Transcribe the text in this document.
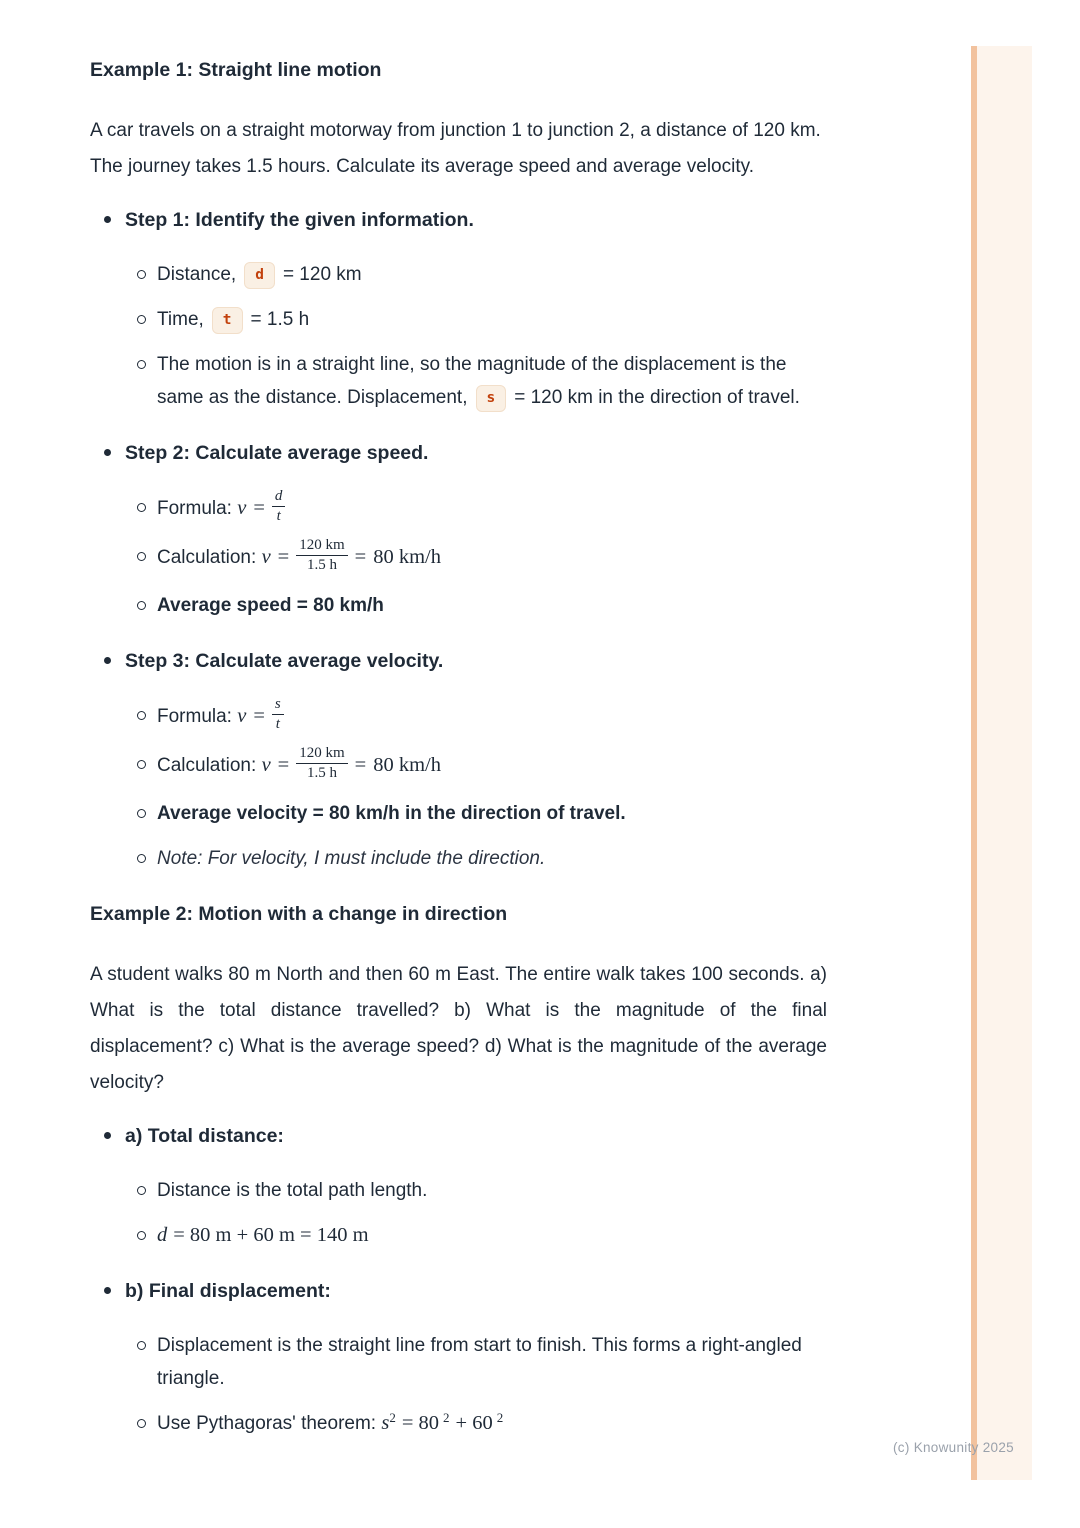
(c) Knowunity 2025
Example 1: Straight line motion

A car travels on a straight motorway from junction 1 to junction 2, a distance of 120 km. The journey takes 1.5 hours. Calculate its average speed and average velocity.

Step 1: Identify the given information.
Distance, d = 120 km
Time, t = 1.5 h
The motion is in a straight line, so the magnitude of the displacement is the same as the distance. Displacement, s = 120 km in the direction of travel.
Step 2: Calculate average speed.
Formula: $v = \frac{d}{t}$
Calculation: $v = \frac{120 km}{1.5 h} = 80$ km/h
Average speed = 80 km/h
Step 3: Calculate average velocity.
Formula: $v = \frac{s}{t}$
Calculation: $v = \frac{120 km}{1.5 h} = 80$ km/h
Average velocity = 80 km/h in the direction of travel.
Note: For velocity, I must include the direction.
Example 2: Motion with a change in direction

A student walks 80 m North and then 60 m East. The entire walk takes 100 seconds. a) What is the total distance travelled? b) What is the magnitude of the final displacement? c) What is the average speed? d) What is the magnitude of the average velocity?

a) Total distance:
Distance is the total path length.
d = 80 m + 60 m = 140 m
b) Final displacement:
Displacement is the straight line from start to finish. This forms a right-angled triangle.
Use Pythagoras' theorem: $s^2 = 80$ $^2$ + 60 $^2$
